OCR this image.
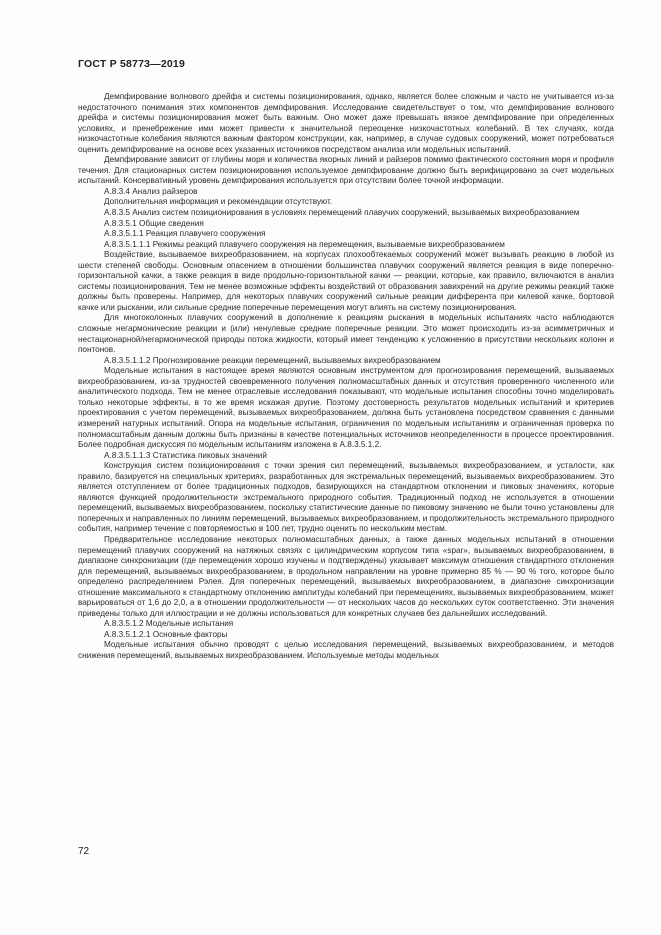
ГОСТ Р 58773—2019

Демпфирование волнового дрейфа и системы позиционирования, однако, является более сложным и часто не учитывается из-за недостаточного понимания этих компонентов демпфирования. Исследование свидетельствует о том, что демпфирование волнового дрейфа и системы позиционирования может быть важным. Оно может даже превышать вязкое демпфирование при определенных условиях, и пренебрежение ими может привести к значительной переоценке низкочастотных колебаний. В тех случаях, когда низкочастотные колебания являются важным фактором конструкции, как, например, в случае судовых сооружений, может потребоваться оценить демпфирование на основе всех указанных источников посредством анализа или модельных испытаний.

Демпфирование зависит от глубины моря и количества якорных линий и райзеров помимо фактического состояния моря и профиля течения. Для стационарных систем позиционирования используемое демпфирование должно быть верифицировано за счет модельных испытаний. Консервативный уровень демпфирования используется при отсутствии более точной информации.

А.8.3.4 Анализ райзеров

Дополнительная информация и рекомендации отсутствуют.

А.8.3.5 Анализ систем позиционирования в условиях перемещений плавучих сооружений, вызываемых вихреобразованием

А.8.3.5.1 Общие сведения

А.8.3.5.1.1 Реакция плавучего сооружения

А.8.3.5.1.1.1 Режимы реакций плавучего сооружения на перемещения, вызываемые вихреобразованием

Воздействие, вызываемое вихреобразованием, на корпусах плохообтекаемых сооружений может вызывать реакцию в любой из шести степеней свободы. Основным опасением в отношении большинства плавучих сооружений является реакция в виде поперечно-горизонтальной качки, а также реакция в виде продольно-горизонтальной качки — реакции, которые, как правило, включаются в анализ системы позиционирования. Тем не менее возможные эффекты воздействий от образования завихрений на другие режимы реакций также должны быть проверены. Например, для некоторых плавучих сооружений сильные реакции дифферента при килевой качке, бортовой качке или рыскании, или сильные средние поперечные перемещения могут влиять на систему позиционирования.

Для многоколонных плавучих сооружений в дополнение к реакциям рыскания в модельных испытаниях часто наблюдаются сложные негармонические реакции и (или) ненулевые средние поперечные реакции. Это может происходить из-за асимметричных и нестационарной/негармонической природы потока жидкости, который имеет тенденцию к усложнению в присутствии нескольких колонн и понтонов.

А.8.3.5.1.1.2 Прогнозирование реакции перемещений, вызываемых вихреобразованием

Модельные испытания в настоящее время являются основным инструментом для прогнозирования перемещений, вызываемых вихреобразованием, из-за трудностей своевременного получения полномасштабных данных и отсутствия проверенного численного или аналитического подхода. Тем не менее отраслевые исследования показывают, что модельные испытания способны точно моделировать только некоторые эффекты, в то же время искажая другие. Поэтому достоверность результатов модельных испытаний и критериев проектирования с учетом перемещений, вызываемых вихреобразованием, должна быть установлена посредством сравнения с данными измерений натурных испытаний. Опора на модельные испытания, ограничения по модельным испытаниям и ограниченная проверка по полномасштабным данным должны быть признаны в качестве потенциальных источников неопределенности в процессе проектирования. Более подробная дискуссия по модельным испытаниям изложена в А.8.3.5.1.2.

А.8.3.5.1.1.3 Статистика пиковых значений

Конструкция систем позиционирования с точки зрения сил перемещений, вызываемых вихреобразованием, и усталости, как правило, базируется на специальных критериях, разработанных для экстремальных перемещений, вызываемых вихреобразованием. Это является отступлением от более традиционных подходов, базирующихся на стандартном отклонении и пиковых значениях, которые являются функцией продолжительности экстремального природного события. Традиционный подход не используется в отношении перемещений, вызываемых вихреобразованием, поскольку статистические данные по пиковому значению не были точно установлены для поперечных и направленных по линиям перемещений, вызываемых вихреобразованием, и продолжительность экстремального природного события, например течение с повторяемостью в 100 лет, трудно оценить по нескольким местам.

Предварительное исследование некоторых полномасштабных данных, а также данных модельных испытаний в отношении перемещений плавучих сооружений на натяжных связях с цилиндрическим корпусом типа «spar», вызываемых вихреобразованием, в диапазоне синхронизации (где перемещения хорошо изучены и подтверждены) указывает максимум отношения стандартного отклонения для перемещений, вызываемых вихреобразованием, в продольном направлении на уровне примерно 85 % — 90 % того, которое было определено распределением Рэлея. Для поперечных перемещений, вызываемых вихреобразованием, в диапазоне синхронизации отношение максимального к стандартному отклонению амплитуды колебаний при перемещениях, вызываемых вихреобразованием, может варьироваться от 1,6 до 2,0, а в отношении продолжительности — от нескольких часов до нескольких суток соответственно. Эти значения приведены только для иллюстрации и не должны использоваться для конкретных случаев без дальнейших исследований.

А.8.3.5.1.2 Модельные испытания

А.8.3.5.1.2.1 Основные факторы

Модельные испытания обычно проводят с целью исследования перемещений, вызываемых вихреобразованием, и методов снижения перемещений, вызываемых вихреобразованием. Используемые методы модельных

72
